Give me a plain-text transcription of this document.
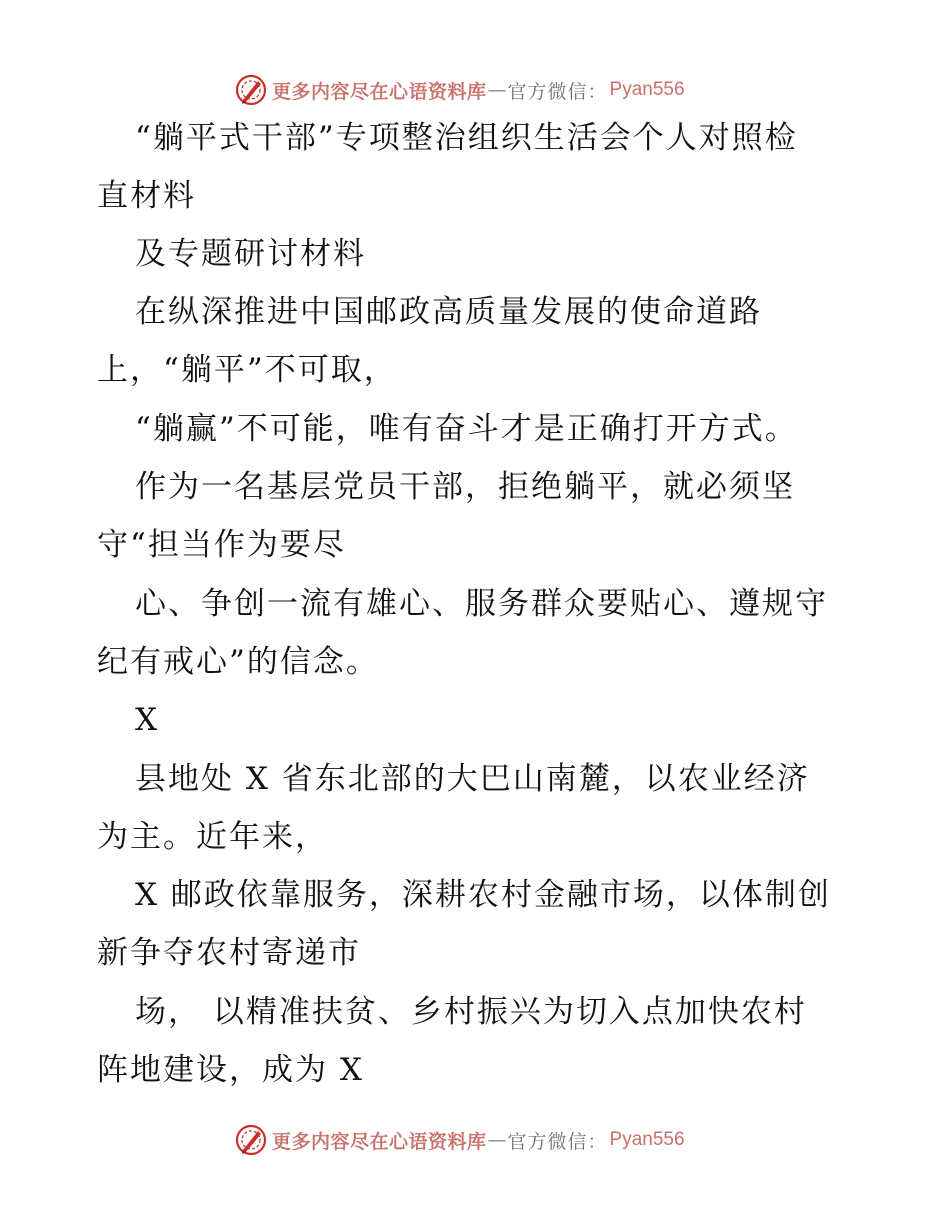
更多内容尽在心语资料库 — 官方微信： Pyan556
“躺平式干部”专项整治组织生活会个人对照检
直材料
及专题研讨材料
在纵深推进中国邮政高质量发展的使命道路
上，“躺平”不可取，
“躺赢”不可能，唯有奋斗才是正确打开方式。
作为一名基层党员干部，拒绝躺平，就必须坚
守“担当作为要尽
心、争创一流有雄心、服务群众要贴心、遵规守
纪有戒心”的信念。
X
县地处 X 省东北部的大巴山南麓，以农业经济
为主。近年来，
X 邮政依靠服务，深耕农村金融市场，以体制创
新争夺农村寄递市
场， 以精准扶贫、乡村振兴为切入点加快农村
阵地建设，成为 X
更多内容尽在心语资料库 — 官方微信： Pyan556
